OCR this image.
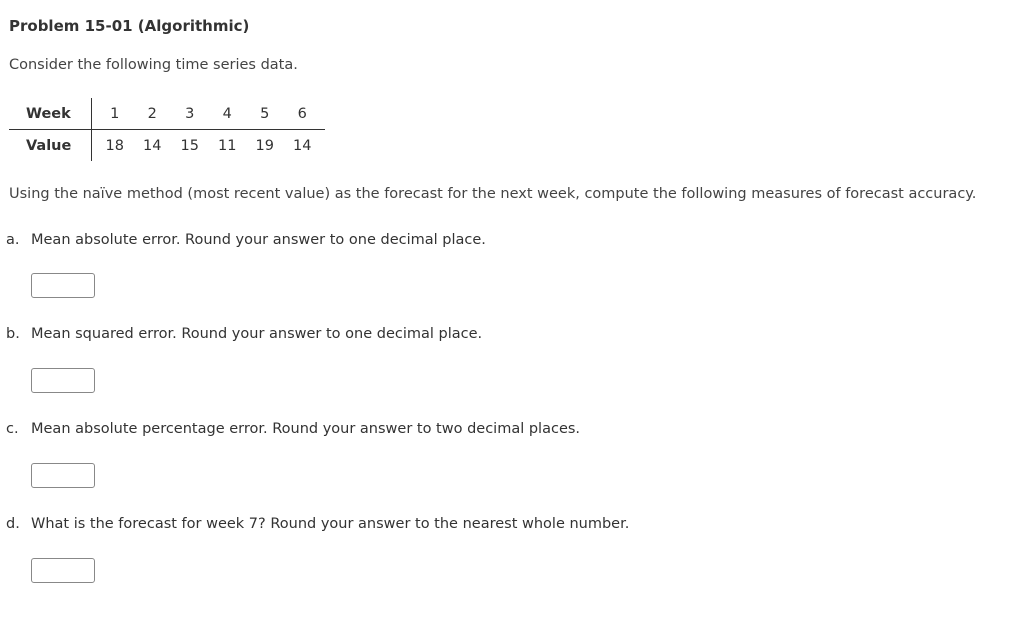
Problem 15-01 (Algorithmic)
Consider the following time series data.
Week	1	2	3	4	5	6
Value	18	14	15	11	19	14
Using the naïve method (most recent value) as the forecast for the next week, compute the following measures of forecast accuracy.
a. Mean absolute error. Round your answer to one decimal place.
b. Mean squared error. Round your answer to one decimal place.
c. Mean absolute percentage error. Round your answer to two decimal places.
d. What is the forecast for week 7? Round your answer to the nearest whole number.
